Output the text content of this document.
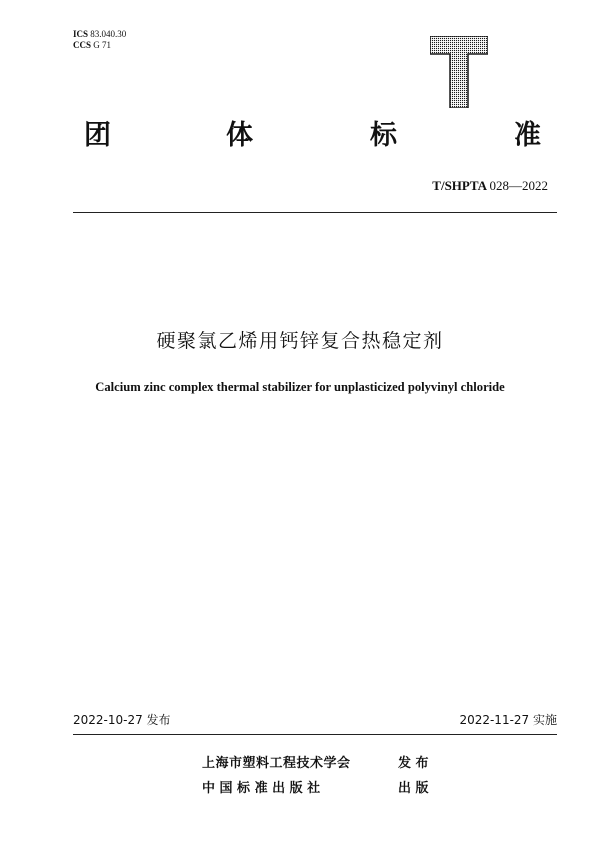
ICS 83.040.30
CCS G 71
团	体	标	准
T/SHPTA 028—2022
硬聚氯乙烯用钙锌复合热稳定剂
Calcium zinc complex thermal stabilizer for unplasticized polyvinyl chloride
2022-10-27 发布	2022-11-27 实施
上海市塑料工程技术学会	发 布
中 国 标 准 出 版 社	出 版
